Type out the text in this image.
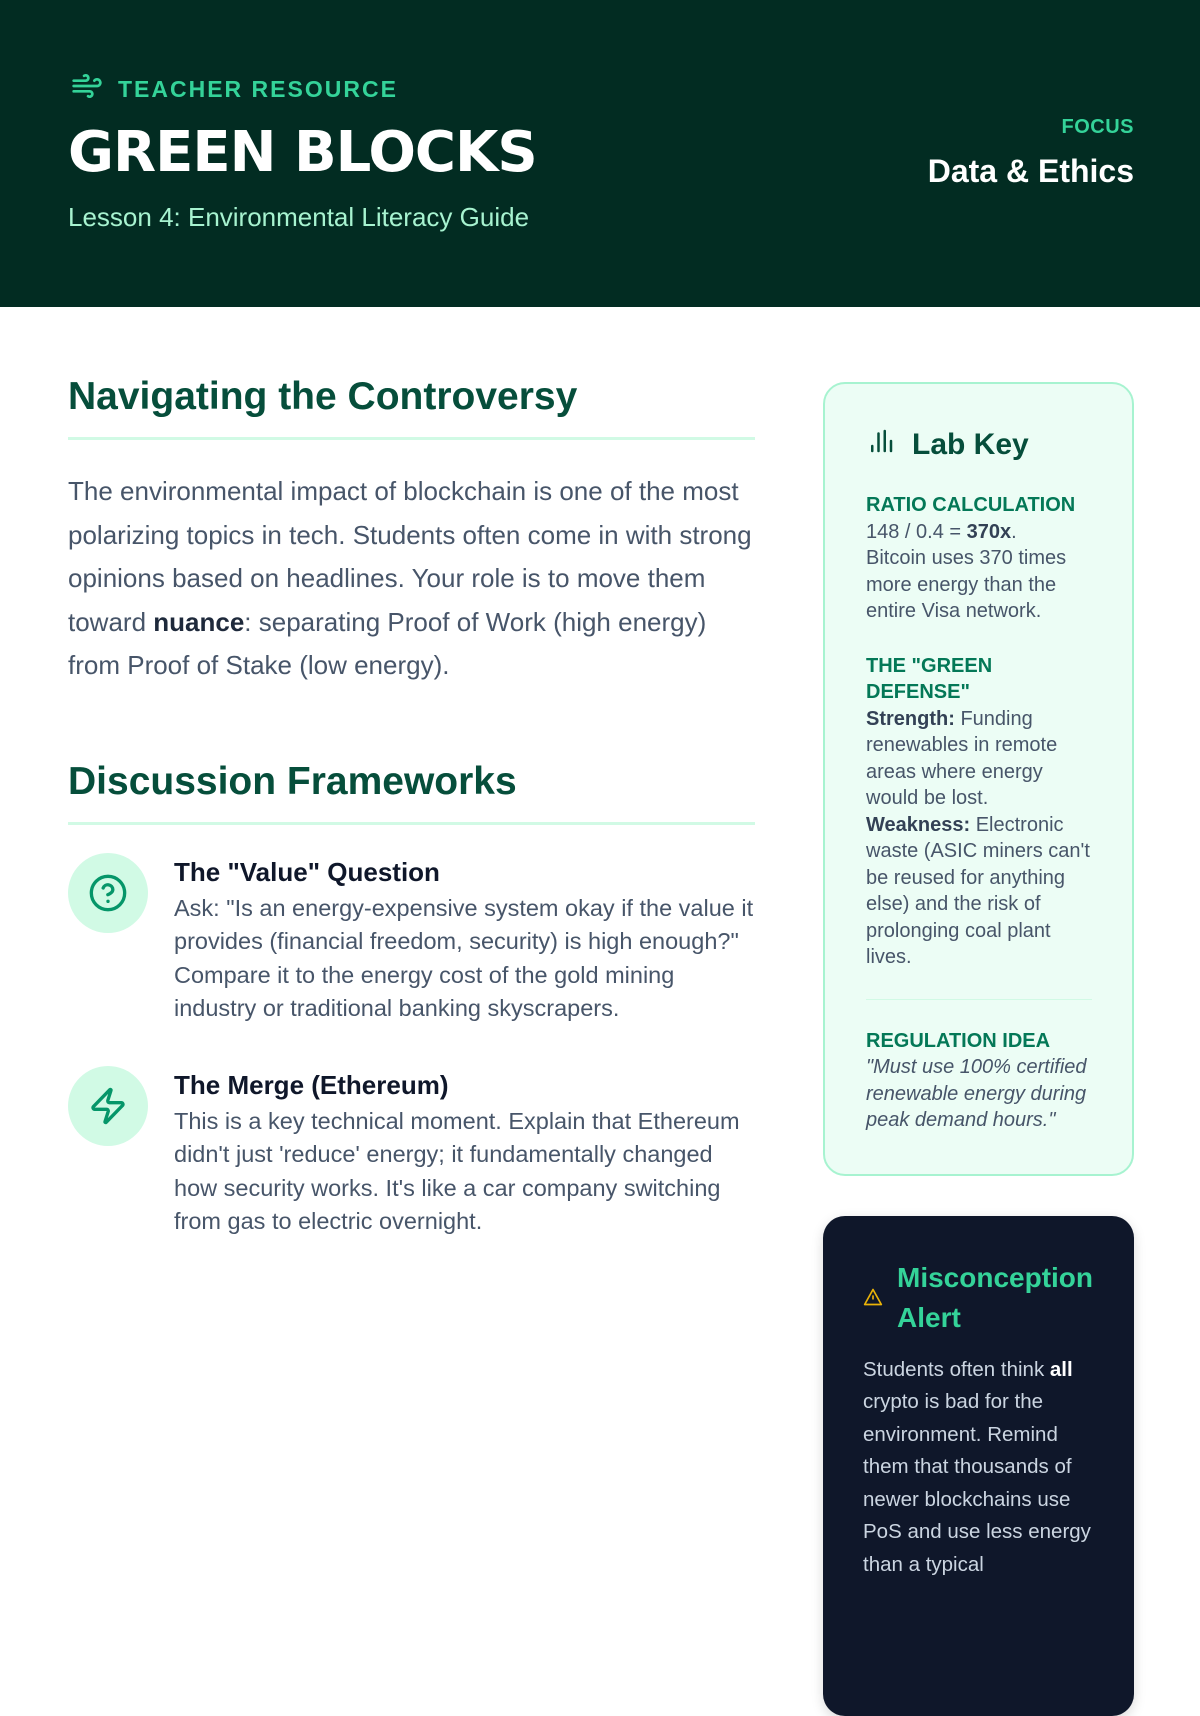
TEACHER RESOURCE
GREEN BLOCKS
Lesson 4: Environmental Literacy Guide
FOCUS
Data & Ethics
Navigating the Controversy

The environmental impact of blockchain is one of the most polarizing topics in tech. Students often come in with strong opinions based on headlines. Your role is to move them toward nuance: separating Proof of Work (high energy) from Proof of Stake (low energy).

Discussion Frameworks
The "Value" Question
Ask: "Is an energy-expensive system okay if the value it provides (financial freedom, security) is high enough?" Compare it to the energy cost of the gold mining industry or traditional banking skyscrapers.
The Merge (Ethereum)
This is a key technical moment. Explain that Ethereum didn't just 'reduce' energy; it fundamentally changed how security works. It's like a car company switching from gas to electric overnight.
Lab Key
RATIO CALCULATION
148 / 0.4 = 370x.
Bitcoin uses 370 times more energy than the entire Visa network.
THE "GREEN DEFENSE"
Strength: Funding renewables in remote areas where energy would be lost.
Weakness: Electronic waste (ASIC miners can't be reused for anything else) and the risk of prolonging coal plant lives.
REGULATION IDEA
"Must use 100% certified renewable energy during peak demand hours."
Misconception Alert

Students often think all crypto is bad for the environment. Remind them that thousands of newer blockchains use PoS and use less energy than a typical
